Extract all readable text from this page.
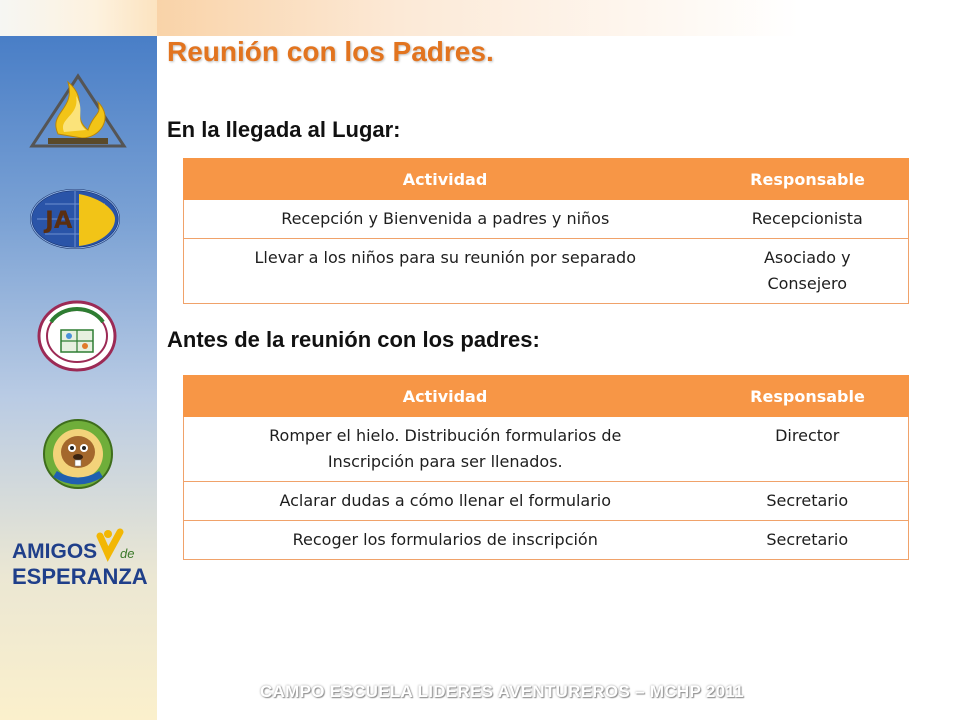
JA
AMIGOS de
ESPERANZA
Reunión con los Padres.
En la llegada al Lugar:
Actividad	Responsable
Recepción y Bienvenida a padres y niños	Recepcionista
Llevar a los niños para su reunión por separado	Asociado y Consejero
Antes de la reunión con los padres:
Actividad	Responsable
Romper el hielo. Distribución formularios de Inscripción para ser llenados.	Director
Aclarar dudas a cómo llenar el formulario	Secretario
Recoger los formularios de inscripción	Secretario
CAMPO ESCUELA LIDERES AVENTUREROS – MCHP 2011
